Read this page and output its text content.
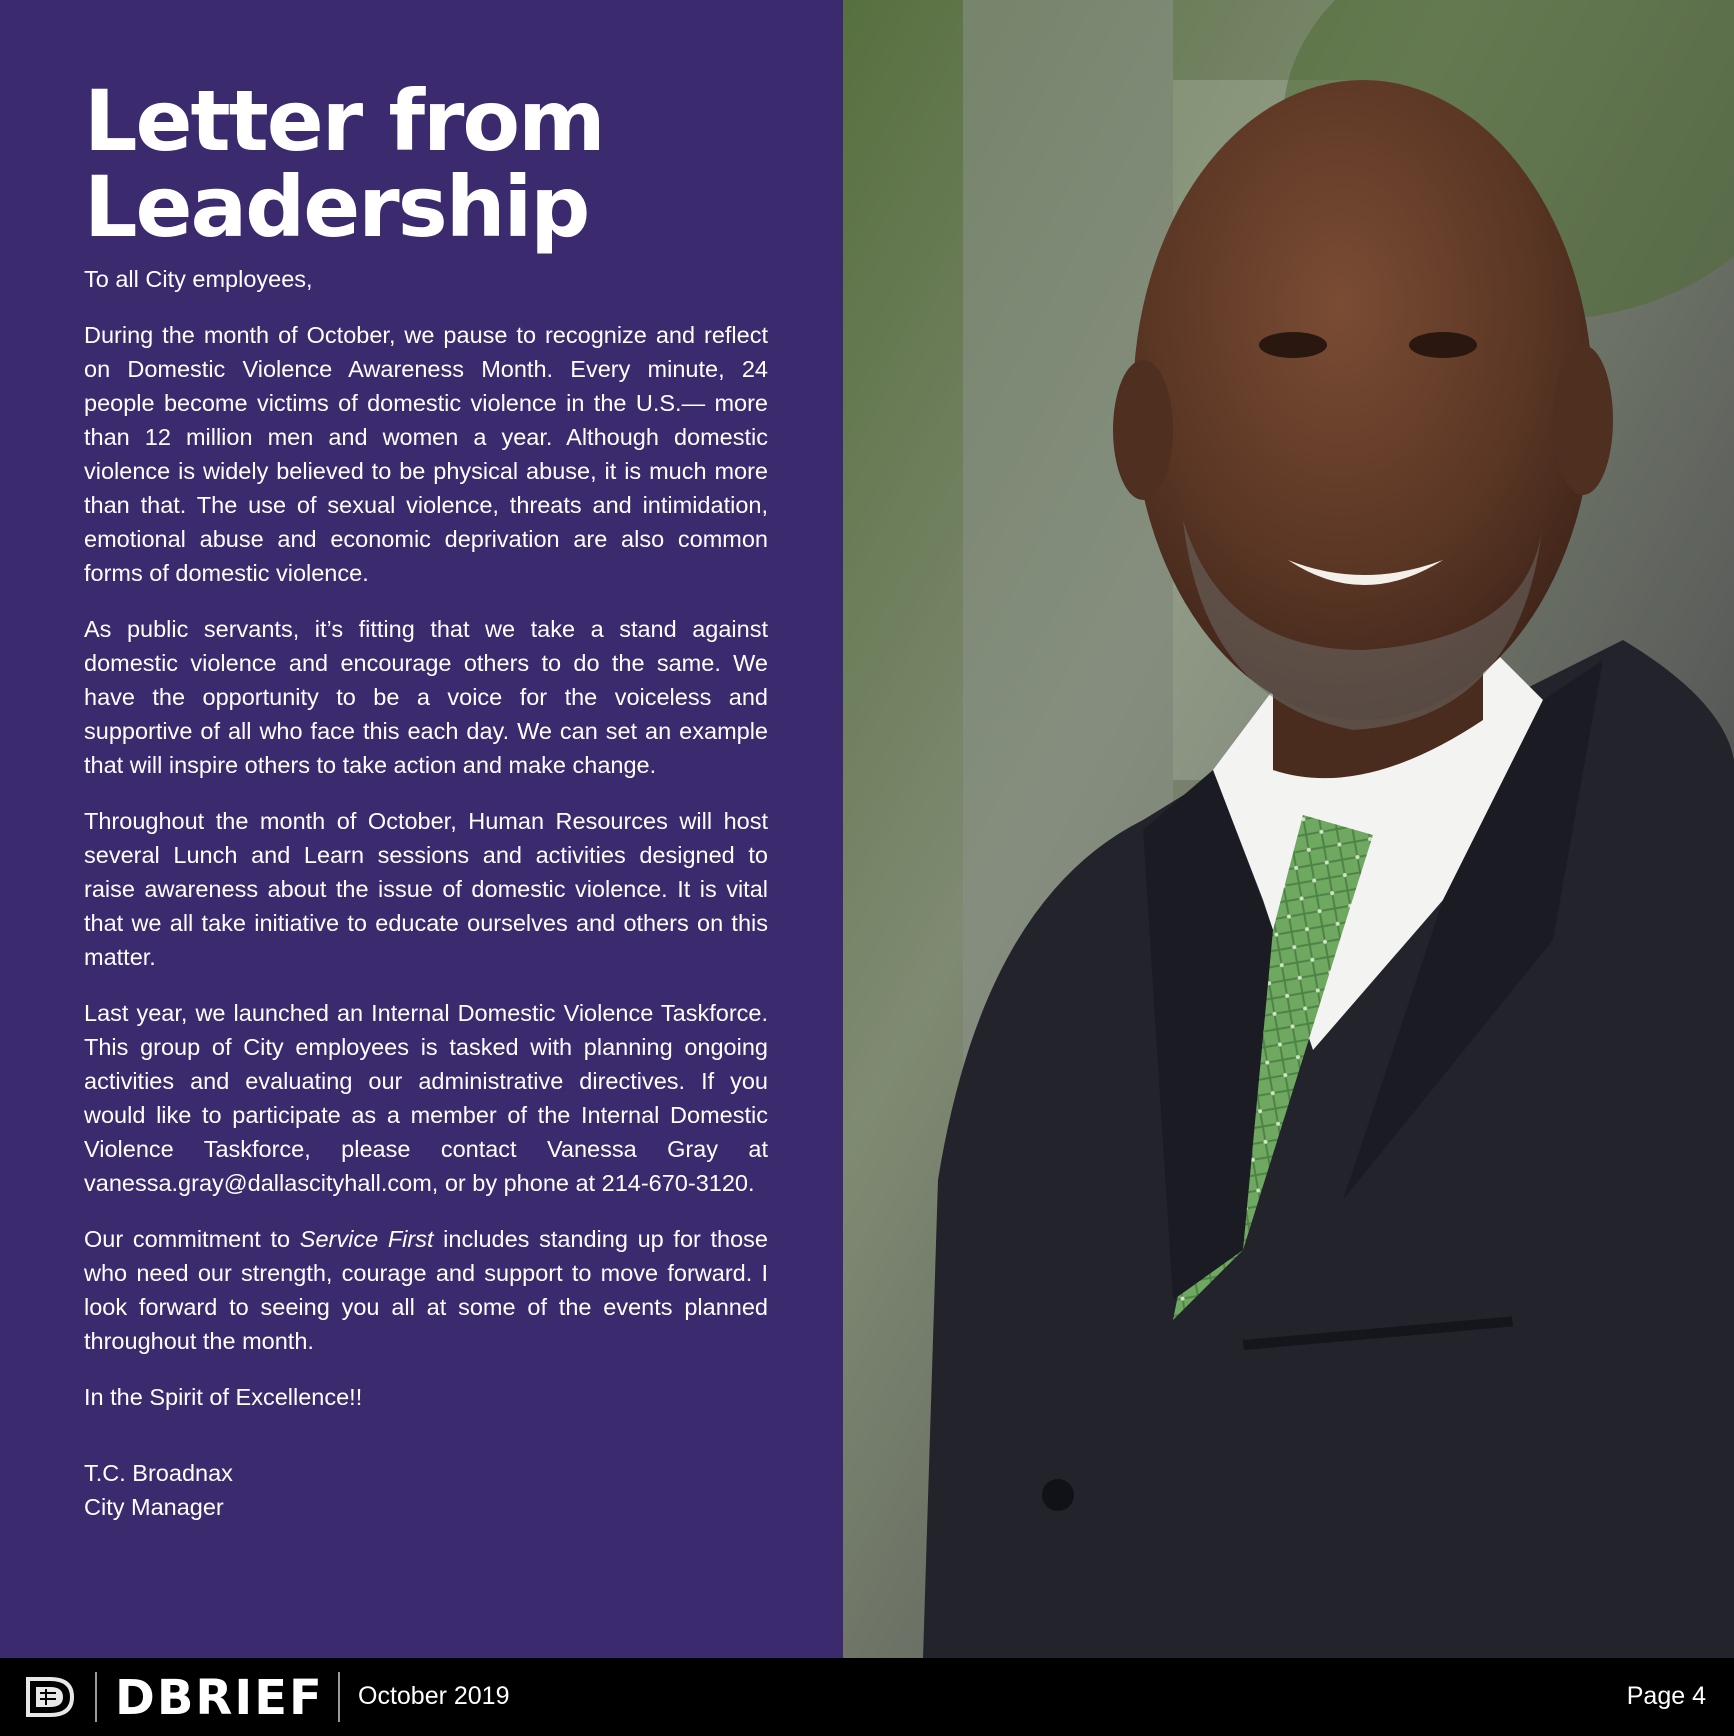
Letter from
Leadership

To all City employees,

During the month of October, we pause to recognize and reflect on Domestic Violence Awareness Month. Every minute, 24 people become victims of domestic violence in the U.S.— more than 12 million men and women a year. Although domestic violence is widely believed to be physical abuse, it is much more than that. The use of sexual violence, threats and intimidation, emotional abuse and economic deprivation are also common forms of domestic violence.

As public servants, it’s fitting that we take a stand against domestic violence and encourage others to do the same. We have the opportunity to be a voice for the voiceless and supportive of all who face this each day. We can set an example that will inspire others to take action and make change.

Throughout the month of October, Human Resources will host several Lunch and Learn sessions and activities designed to raise awareness about the issue of domestic violence. It is vital that we all take initiative to educate ourselves and others on this matter.

Last year, we launched an Internal Domestic Violence Taskforce. This group of City employees is tasked with planning ongoing activities and evaluating our administrative directives. If you would like to participate as a member of the Internal Domestic Violence Taskforce, please contact Vanessa Gray at vanessa.gray@dallascityhall.com, or by phone at 214-670-3120.

Our commitment to Service First includes standing up for those who need our strength, courage and support to move forward. I look forward to seeing you all at some of the events planned throughout the month.

In the Spirit of Excellence!!

T.C. Broadnax
City Manager

DBRIEF October 2019	Page 4
